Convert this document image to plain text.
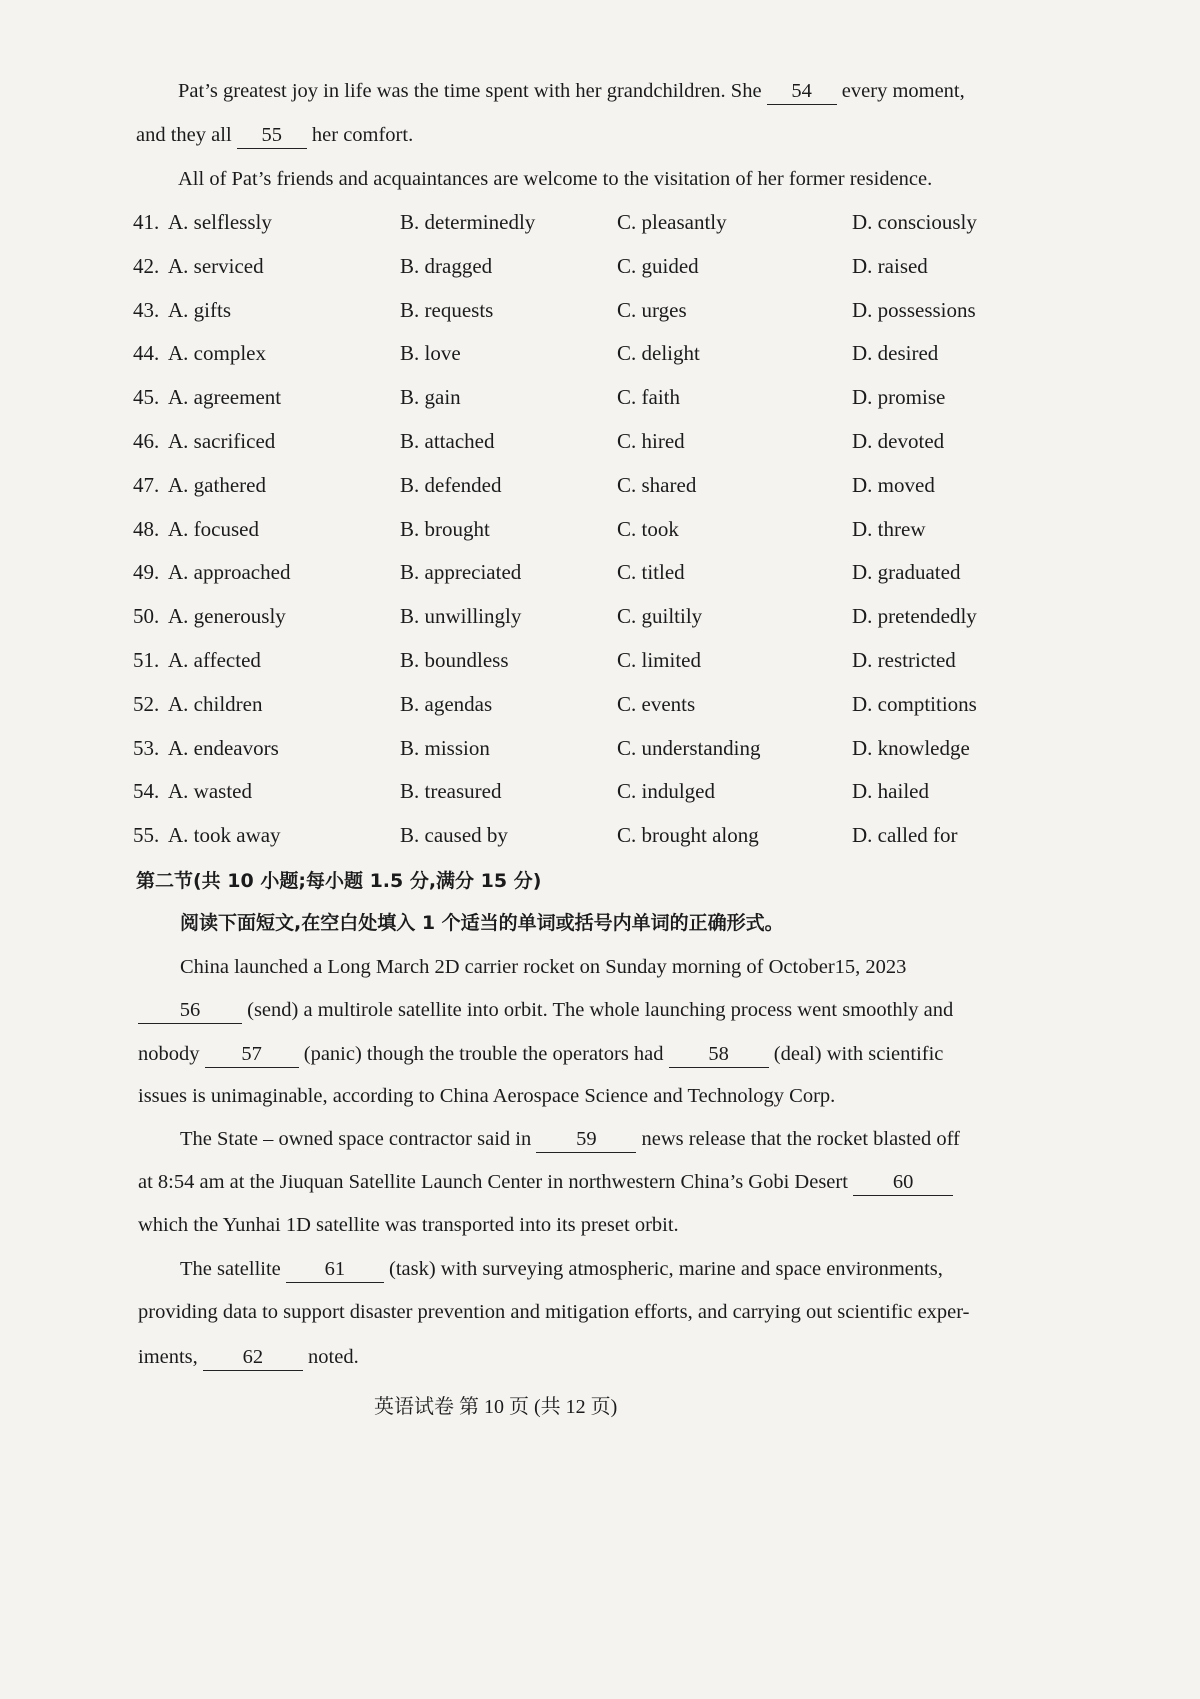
Pat’s greatest joy in life was the time spent with her grandchildren. She 54 every moment,
and they all 55 her comfort.
All of Pat’s friends and acquaintances are welcome to the visitation of her former residence.
41. A. selflessly	B. determinedly	C. pleasantly	D. consciously
42. A. serviced	B. dragged	C. guided	D. raised
43. A. gifts	B. requests	C. urges	D. possessions
44. A. complex	B. love	C. delight	D. desired
45. A. agreement	B. gain	C. faith	D. promise
46. A. sacrificed	B. attached	C. hired	D. devoted
47. A. gathered	B. defended	C. shared	D. moved
48. A. focused	B. brought	C. took	D. threw
49. A. approached	B. appreciated	C. titled	D. graduated
50. A. generously	B. unwillingly	C. guiltily	D. pretendedly
51. A. affected	B. boundless	C. limited	D. restricted
52. A. children	B. agendas	C. events	D. comptitions
53. A. endeavors	B. mission	C. understanding	D. knowledge
54. A. wasted	B. treasured	C. indulged	D. hailed
55. A. took away	B. caused by	C. brought along	D. called for
第二节(共 10 小题;每小题 1.5 分,满分 15 分)
阅读下面短文,在空白处填入 1 个适当的单词或括号内单词的正确形式。
China launched a Long March 2D carrier rocket on Sunday morning of October15, 2023
56 (send) a multirole satellite into orbit. The whole launching process went smoothly and
nobody 57 (panic) though the trouble the operators had 58 (deal) with scientific
issues is unimaginable, according to China Aerospace Science and Technology Corp.
The State – owned space contractor said in 59 news release that the rocket blasted off
at 8:54 am at the Jiuquan Satellite Launch Center in northwestern China’s Gobi Desert 60
which the Yunhai 1D satellite was transported into its preset orbit.
The satellite 61 (task) with surveying atmospheric, marine and space environments,
providing data to support disaster prevention and mitigation efforts, and carrying out scientific exper-
iments, 62 noted.
英语试卷 第 10 页 (共 12 页)
